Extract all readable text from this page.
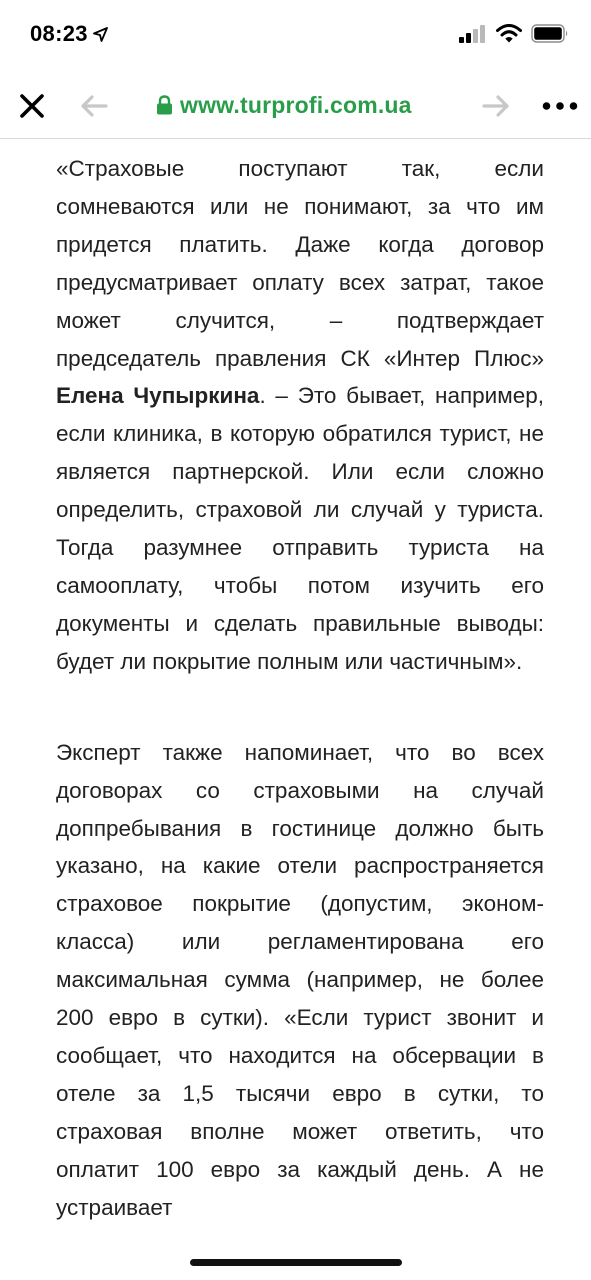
08:23
www.turprofi.com.ua

«Страховые поступают так, если сомневаются или не понимают, за что им придется платить. Даже когда договор предусматривает оплату всех затрат, такое может случится, – подтверждает председатель правления СК «Интер Плюс» Елена Чупыркина. – Это бывает, например, если клиника, в которую обратился турист, не является партнерской. Или если сложно определить, страховой ли случай у туриста. Тогда разумнее отправить туриста на самооплату, чтобы потом изучить его документы и сделать правильные выводы: будет ли покрытие полным или частичным».

Эксперт также напоминает, что во всех договорах со страховыми на случай доппребывания в гостинице должно быть указано, на какие отели распространяется страховое покрытие (допустим, эконом-класса) или регламентирована его максимальная сумма (например, не более 200 евро в сутки). «Если турист звонит и сообщает, что находится на обсервации в отеле за 1,5 тысячи евро в сутки, то страховая вполне может ответить, что оплатит 100 евро за каждый день. А не устраивает
